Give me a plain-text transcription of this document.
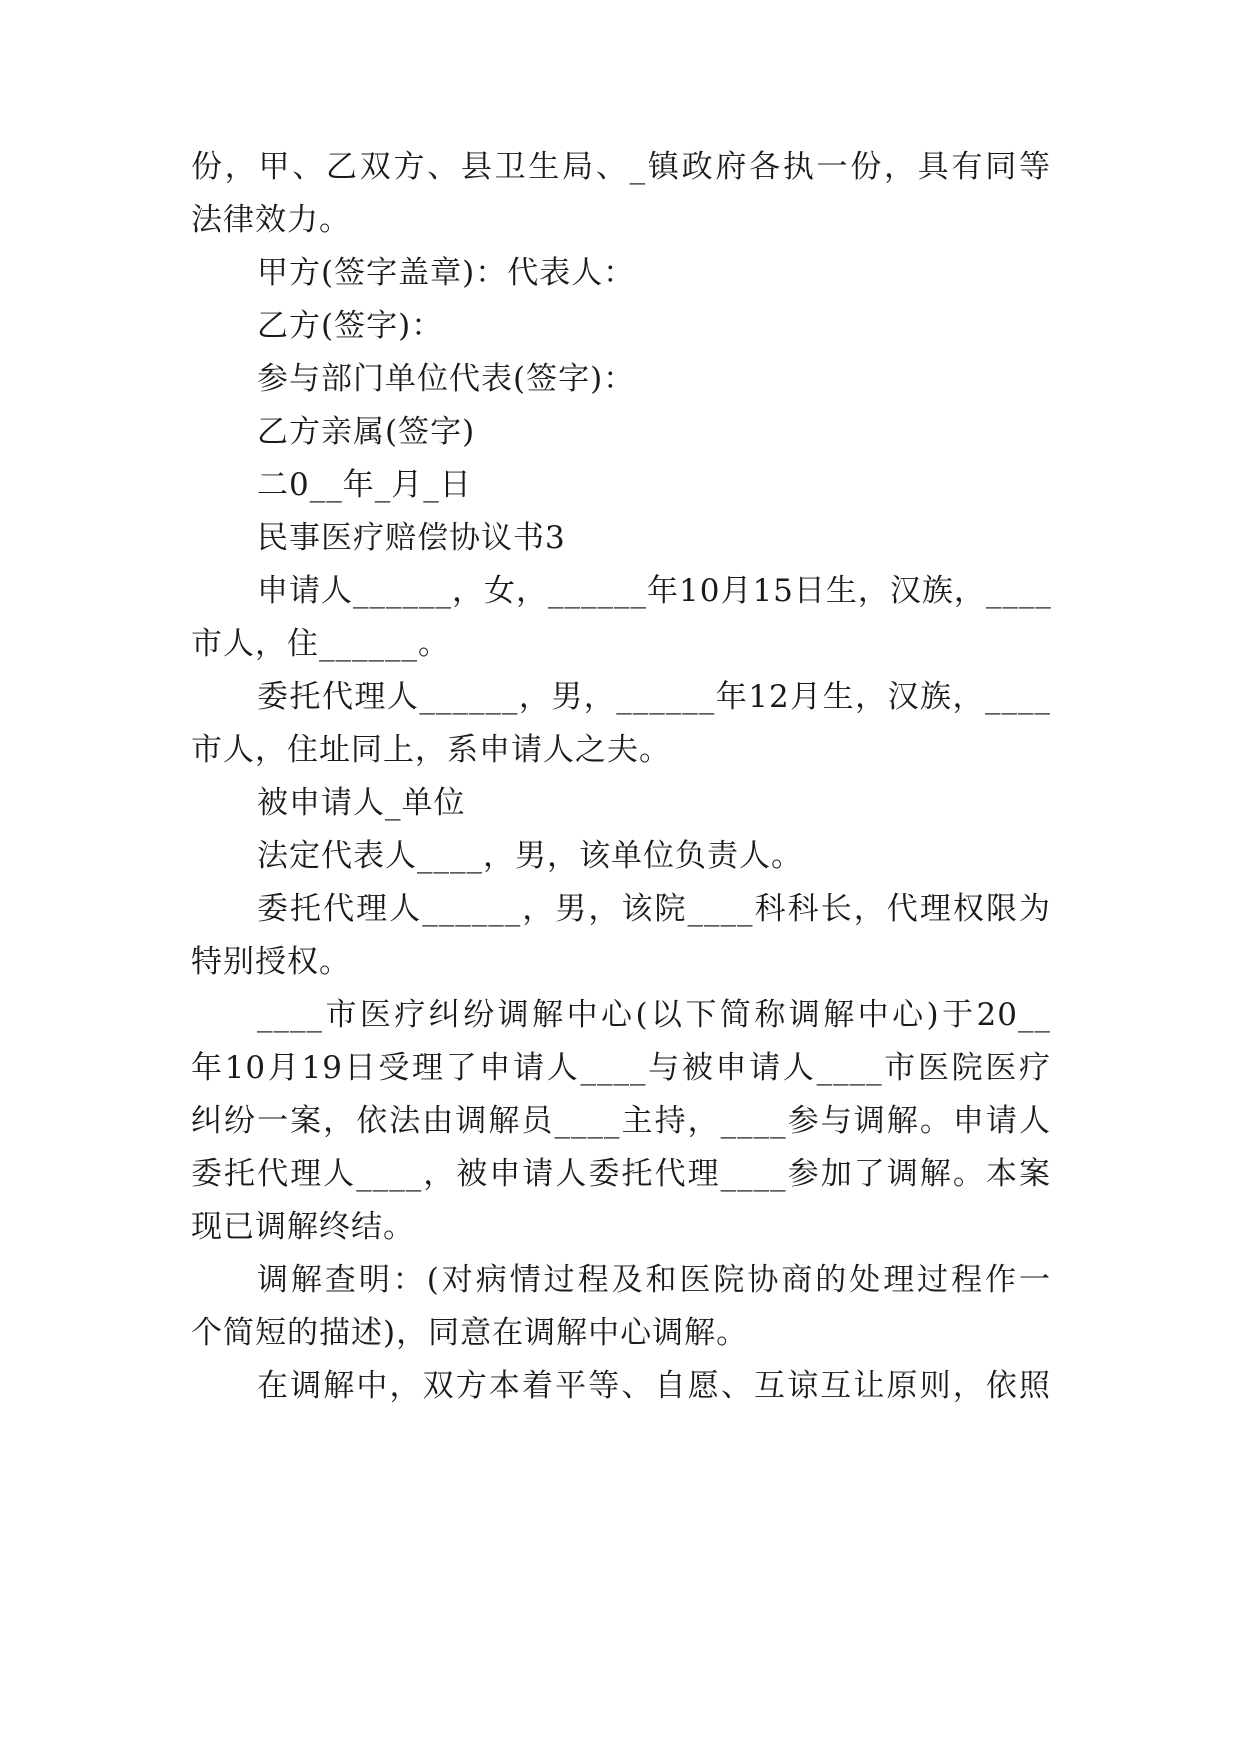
份，甲、乙双方、县卫生局、_镇政府各执一份，具有同等
法律效力。
甲方(签字盖章)：代表人：
乙方(签字)：
参与部门单位代表(签字)：
乙方亲属(签字)
二0__年_月_日
民事医疗赔偿协议书3
申请人______，女，______年10月15日生，汉族，____
市人，住______。
委托代理人______，男，______年12月生，汉族，____
市人，住址同上，系申请人之夫。
被申请人_单位
法定代表人____，男，该单位负责人。
委托代理人______，男，该院____科科长，代理权限为
特别授权。
____市医疗纠纷调解中心(以下简称调解中心)于20__
年10月19日受理了申请人____与被申请人____市医院医疗
纠纷一案，依法由调解员____主持，____参与调解。申请人
委托代理人____，被申请人委托代理____参加了调解。本案
现已调解终结。
调解查明：(对病情过程及和医院协商的处理过程作一
个简短的描述)，同意在调解中心调解。
在调解中，双方本着平等、自愿、互谅互让原则，依照
